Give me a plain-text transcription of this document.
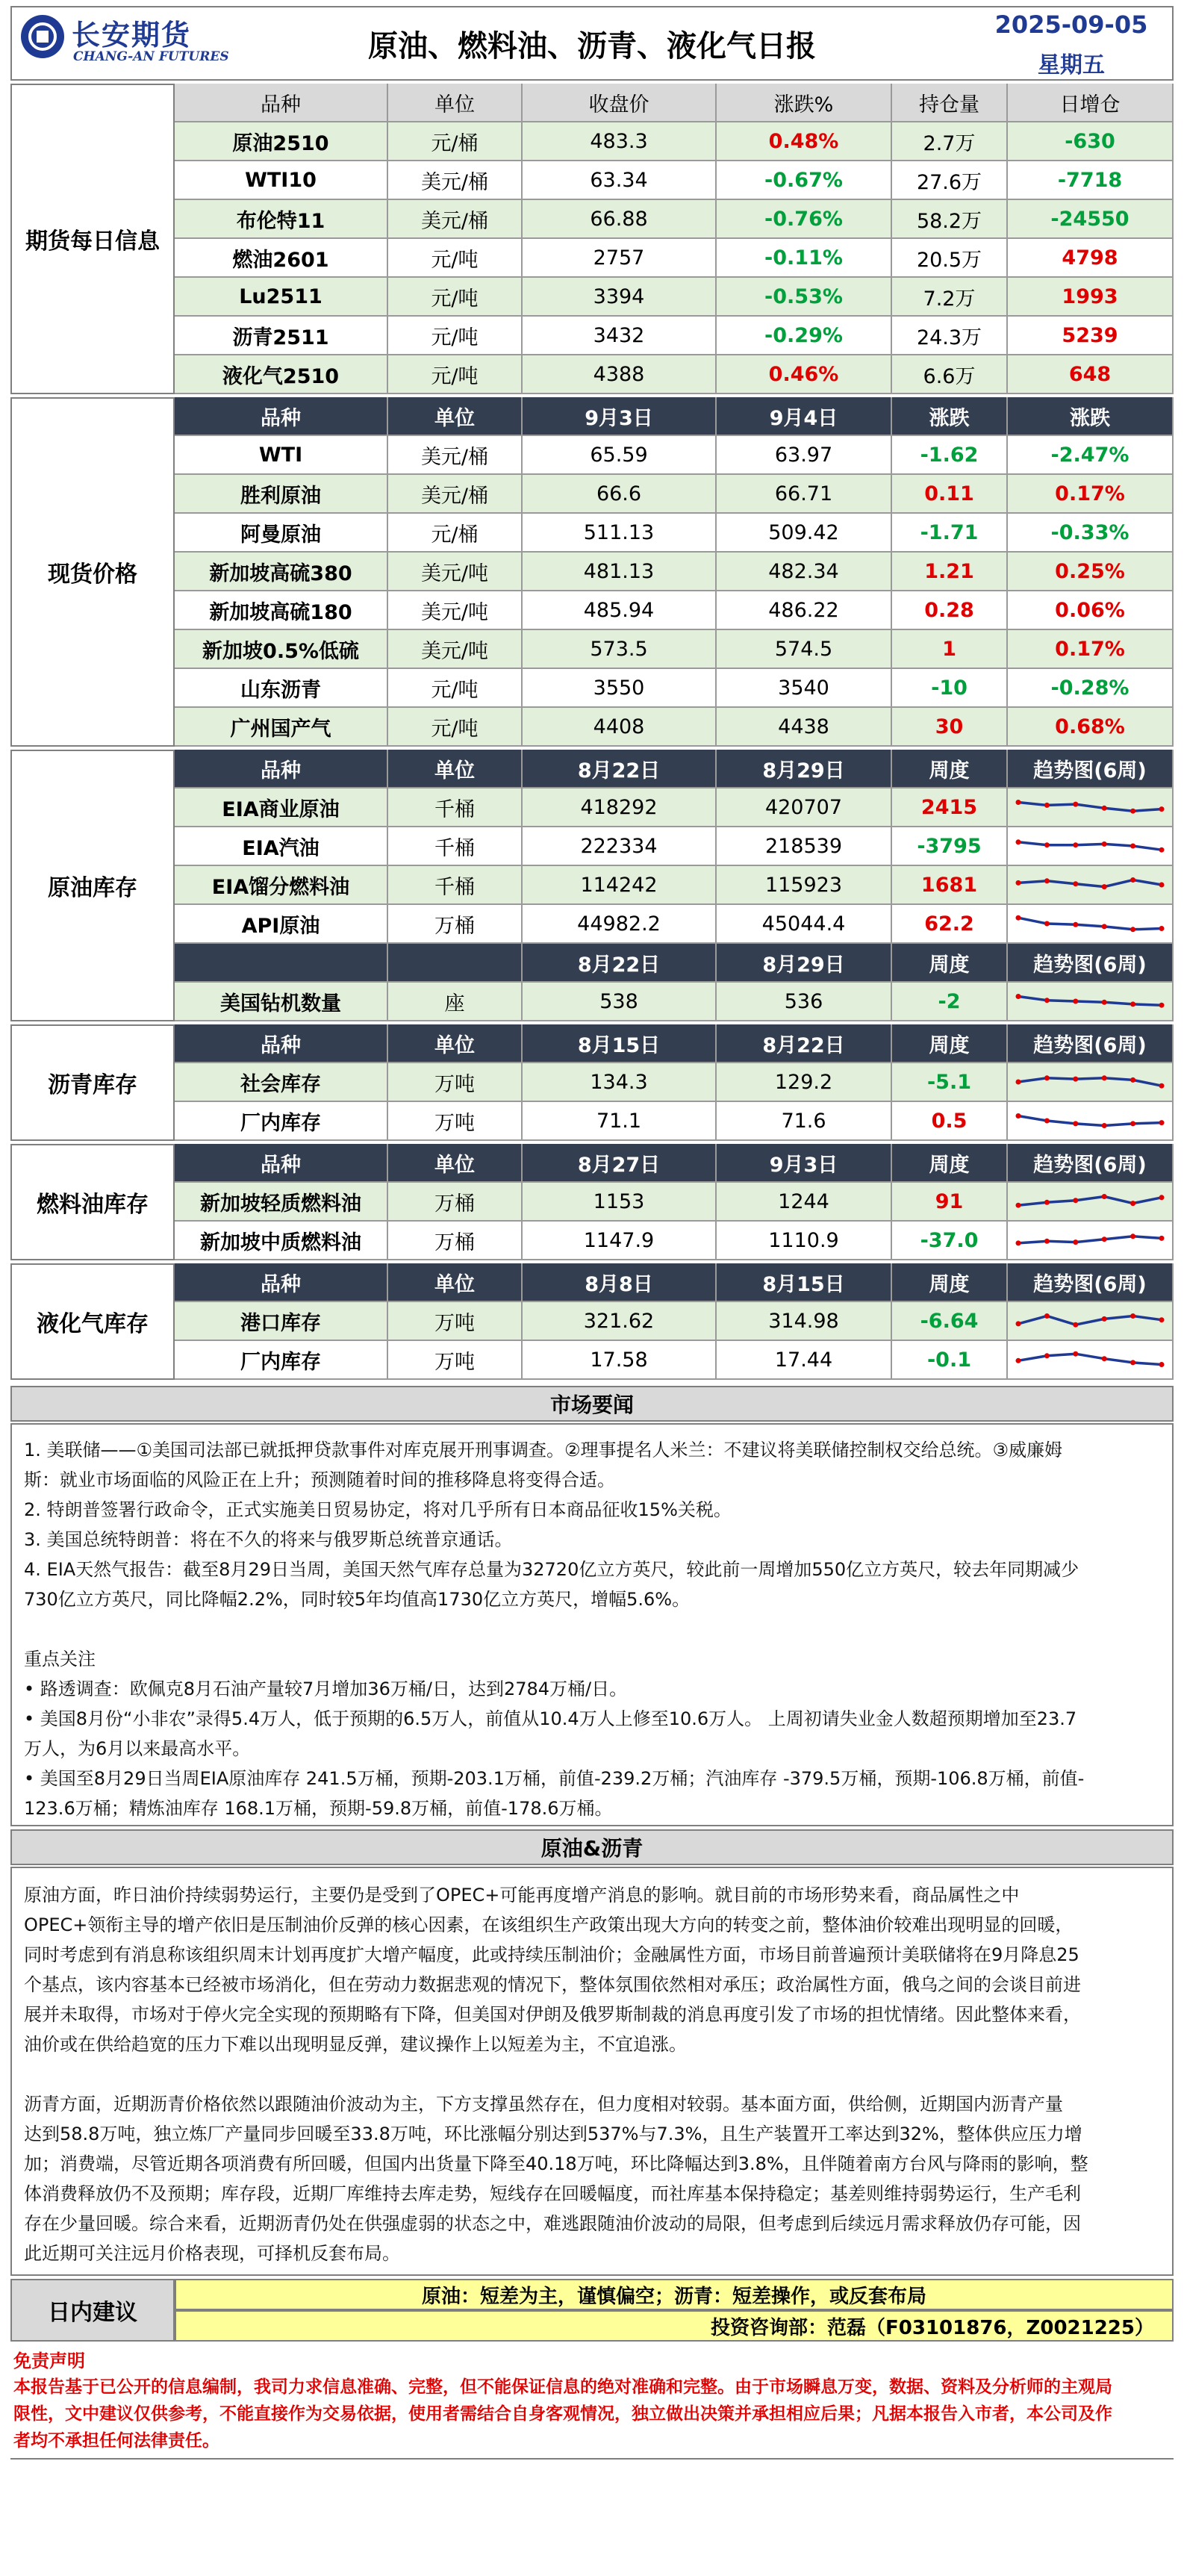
长安期货
CHANG-AN FUTURES	原油、燃料油、沥青、液化气日报
2025-09-05
星期五
品种	单位	收盘价	涨跌%	持仓量	日增仓
原油2510	元/桶	483.3	0.48%	2.7万	-630
WTI10	美元/桶	63.34	-0.67%	27.6万	-7718
布伦特11	美元/桶	66.88	-0.76%	58.2万	-24550
燃油2601	元/吨	2757	-0.11%	20.5万	4798
Lu2511	元/吨	3394	-0.53%	7.2万	1993
沥青2511	元/吨	3432	-0.29%	24.3万	5239
液化气2510	元/吨	4388	0.46%	6.6万	648
期货每日信息
品种	单位	9月3日	9月4日	涨跌	涨跌
WTI	美元/桶	65.59	63.97	-1.62	-2.47%
胜利原油	美元/桶	66.6	66.71	0.11	0.17%
阿曼原油	元/桶	511.13	509.42	-1.71	-0.33%
新加坡高硫380	美元/吨	481.13	482.34	1.21	0.25%
新加坡高硫180	美元/吨	485.94	486.22	0.28	0.06%
新加坡0.5%低硫	美元/吨	573.5	574.5	1	0.17%
山东沥青	元/吨	3550	3540	-10	-0.28%
广州国产气	元/吨	4408	4438	30	0.68%
现货价格
品种	单位	8月22日	8月29日	周度	趋势图(6周)
EIA商业原油	千桶	418292	420707	2415
EIA汽油	千桶	222334	218539	-3795
EIA馏分燃料油	千桶	114242	115923	1681
API原油	万桶	44982.2	45044.4	62.2
8月22日	8月29日	周度	趋势图(6周)
美国钻机数量	座	538	536	-2
原油库存
品种	单位	8月15日	8月22日	周度	趋势图(6周)
社会库存	万吨	134.3	129.2	-5.1
厂内库存	万吨	71.1	71.6	0.5
沥青库存
品种	单位	8月27日	9月3日	周度	趋势图(6周)
新加坡轻质燃料油	万桶	1153	1244	91
新加坡中质燃料油	万桶	1147.9	1110.9	-37.0
燃料油库存
品种	单位	8月8日	8月15日	周度	趋势图(6周)
港口库存	万吨	321.62	314.98	-6.64
厂内库存	万吨	17.58	17.44	-0.1
液化气库存
市场要闻
1. 美联储——①美国司法部已就抵押贷款事件对库克展开刑事调查。②理事提名人米兰：不建议将美联储控制权交给总统。③威廉姆
斯：就业市场面临的风险正在上升；预测随着时间的推移降息将变得合适。
2. 特朗普签署行政命令，正式实施美日贸易协定，将对几乎所有日本商品征收15%关税。
3. 美国总统特朗普：将在不久的将来与俄罗斯总统普京通话。
4. EIA天然气报告：截至8月29日当周，美国天然气库存总量为32720亿立方英尺，较此前一周增加550亿立方英尺，较去年同期减少
730亿立方英尺，同比降幅2.2%，同时较5年均值高1730亿立方英尺，增幅5.6%。
重点关注
• 路透调查：欧佩克8月石油产量较7月增加36万桶/日，达到2784万桶/日。
• 美国8月份“小非农”录得5.4万人，低于预期的6.5万人，前值从10.4万人上修至10.6万人。 上周初请失业金人数超预期增加至23.7
万人，为6月以来最高水平。
• 美国至8月29日当周EIA原油库存 241.5万桶，预期-203.1万桶，前值-239.2万桶；汽油库存 -379.5万桶，预期-106.8万桶，前值-
123.6万桶；精炼油库存 168.1万桶，预期-59.8万桶，前值-178.6万桶。
原油&沥青
原油方面，昨日油价持续弱势运行，主要仍是受到了OPEC+可能再度增产消息的影响。就目前的市场形势来看，商品属性之中
OPEC+领衔主导的增产依旧是压制油价反弹的核心因素，在该组织生产政策出现大方向的转变之前，整体油价较难出现明显的回暖，
同时考虑到有消息称该组织周末计划再度扩大增产幅度，此或持续压制油价；金融属性方面，市场目前普遍预计美联储将在9月降息25
个基点，该内容基本已经被市场消化，但在劳动力数据悲观的情况下，整体氛围依然相对承压；政治属性方面，俄乌之间的会谈目前进
展并未取得，市场对于停火完全实现的预期略有下降，但美国对伊朗及俄罗斯制裁的消息再度引发了市场的担忧情绪。因此整体来看，
油价或在供给趋宽的压力下难以出现明显反弹，建议操作上以短差为主，不宜追涨。
沥青方面，近期沥青价格依然以跟随油价波动为主，下方支撑虽然存在，但力度相对较弱。基本面方面，供给侧，近期国内沥青产量
达到58.8万吨，独立炼厂产量同步回暖至33.8万吨，环比涨幅分别达到537%与7.3%，且生产装置开工率达到32%，整体供应压力增
加；消费端，尽管近期各项消费有所回暖，但国内出货量下降至40.18万吨，环比降幅达到3.8%，且伴随着南方台风与降雨的影响，整
体消费释放仍不及预期；库存段，近期厂库维持去库走势，短线存在回暖幅度，而社库基本保持稳定；基差则维持弱势运行，生产毛利
存在少量回暖。综合来看，近期沥青仍处在供强虚弱的状态之中，难逃跟随油价波动的局限，但考虑到后续远月需求释放仍存可能，因
此近期可关注远月价格表现，可择机反套布局。
日内建议
原油：短差为主，谨慎偏空；沥青：短差操作，或反套布局
投资咨询部：范磊（F03101876，Z0021225）
免责声明
本报告基于已公开的信息编制，我司力求信息准确、完整，但不能保证信息的绝对准确和完整。由于市场瞬息万变，数据、资料及分析师的主观局
限性，文中建议仅供参考，不能直接作为交易依据，使用者需结合自身客观情况，独立做出决策并承担相应后果；凡据本报告入市者，本公司及作
者均不承担任何法律责任。
